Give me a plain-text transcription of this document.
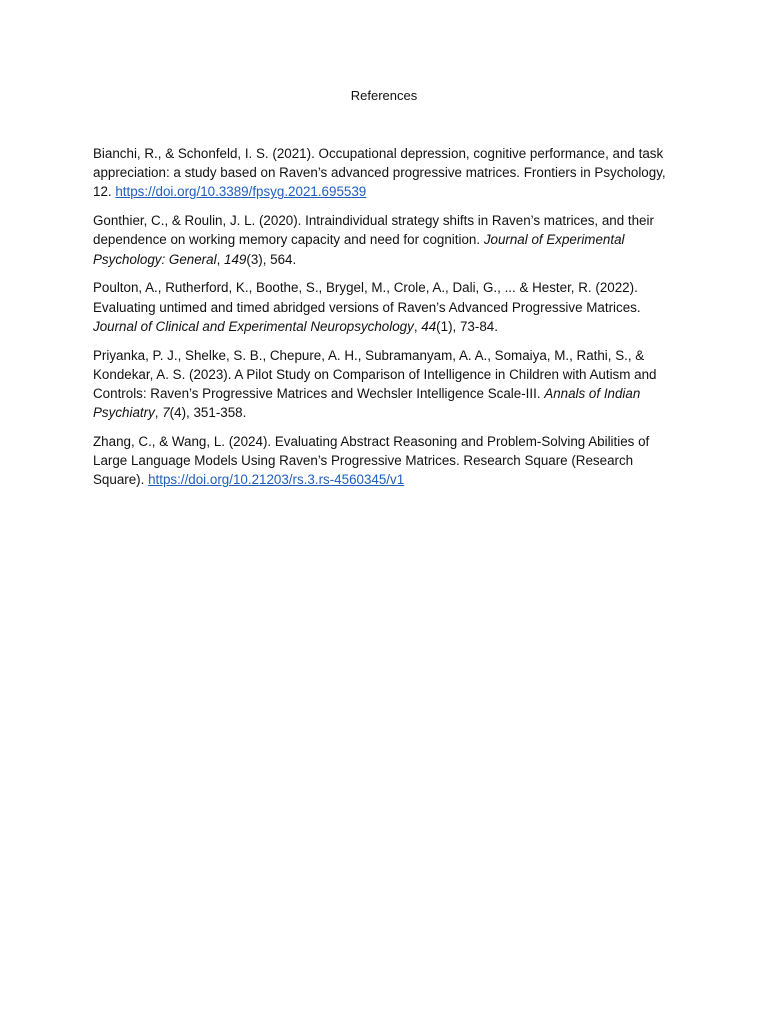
References

Bianchi, R., & Schonfeld, I. S. (2021). Occupational depression, cognitive performance, and task appreciation: a study based on Raven’s advanced progressive matrices. Frontiers in Psychology, 12. https://doi.org/10.3389/fpsyg.2021.695539

Gonthier, C., & Roulin, J. L. (2020). Intraindividual strategy shifts in Raven’s matrices, and their dependence on working memory capacity and need for cognition. Journal of Experimental Psychology: General, 149(3), 564.

Poulton, A., Rutherford, K., Boothe, S., Brygel, M., Crole, A., Dali, G., ... & Hester, R. (2022). Evaluating untimed and timed abridged versions of Raven’s Advanced Progressive Matrices. Journal of Clinical and Experimental Neuropsychology, 44(1), 73-84.

Priyanka, P. J., Shelke, S. B., Chepure, A. H., Subramanyam, A. A., Somaiya, M., Rathi, S., & Kondekar, A. S. (2023). A Pilot Study on Comparison of Intelligence in Children with Autism and Controls: Raven’s Progressive Matrices and Wechsler Intelligence Scale-III. Annals of Indian Psychiatry, 7(4), 351-358.

Zhang, C., & Wang, L. (2024). Evaluating Abstract Reasoning and Problem-Solving Abilities of Large Language Models Using Raven’s Progressive Matrices. Research Square (Research Square). https://doi.org/10.21203/rs.3.rs-4560345/v1
